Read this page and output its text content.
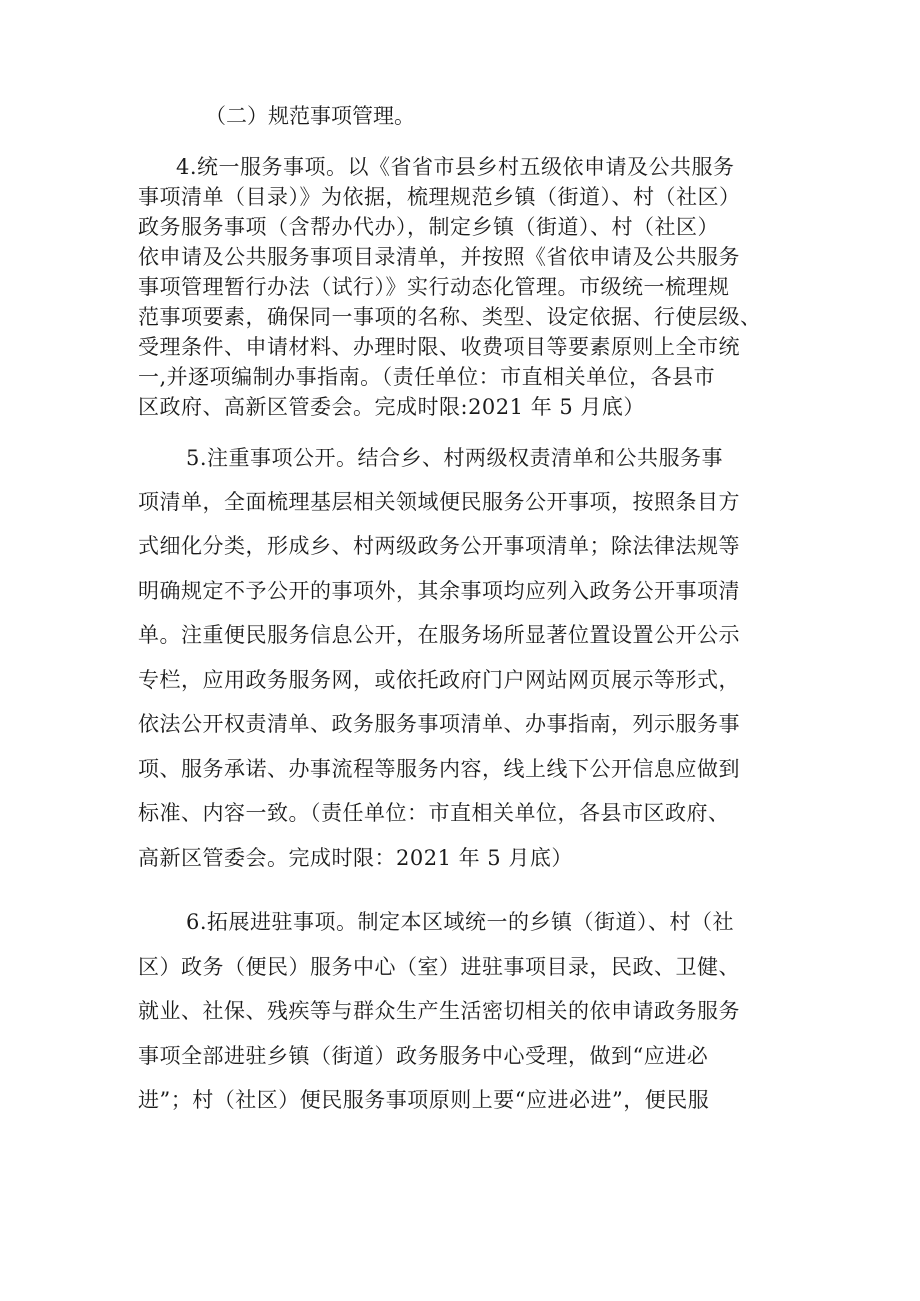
（二）规范事项管理。
4.统一服务事项。以《省省市县乡村五级依申请及公共服务
事项清单（目录）》为依据，梳理规范乡镇（街道）、村（社区）
政务服务事项（含帮办代办），制定乡镇（街道）、村（社区）
依申请及公共服务事项目录清单，并按照《省依申请及公共服务
事项管理暂行办法（试行）》实行动态化管理。市级统一梳理规
范事项要素，确保同一事项的名称、类型、设定依据、行使层级、
受理条件、申请材料、办理时限、收费项目等要素原则上全市统
一,并逐项编制办事指南。（责任单位：市直相关单位，各县市
区政府、高新区管委会。完成时限:2021 年 5 月底）
5.注重事项公开。结合乡、村两级权责清单和公共服务事
项清单，全面梳理基层相关领域便民服务公开事项，按照条目方
式细化分类，形成乡、村两级政务公开事项清单；除法律法规等
明确规定不予公开的事项外，其余事项均应列入政务公开事项清
单。注重便民服务信息公开，在服务场所显著位置设置公开公示
专栏，应用政务服务网，或依托政府门户网站网页展示等形式，
依法公开权责清单、政务服务事项清单、办事指南，列示服务事
项、服务承诺、办事流程等服务内容，线上线下公开信息应做到
标准、内容一致。（责任单位：市直相关单位，各县市区政府、
高新区管委会。完成时限：2021 年 5 月底）
6.拓展进驻事项。制定本区域统一的乡镇（街道）、村（社
区）政务（便民）服务中心（室）进驻事项目录，民政、卫健、
就业、社保、残疾等与群众生产生活密切相关的依申请政务服务
事项全部进驻乡镇（街道）政务服务中心受理，做到“应进必
进”；村（社区）便民服务事项原则上要“应进必进”，便民服
